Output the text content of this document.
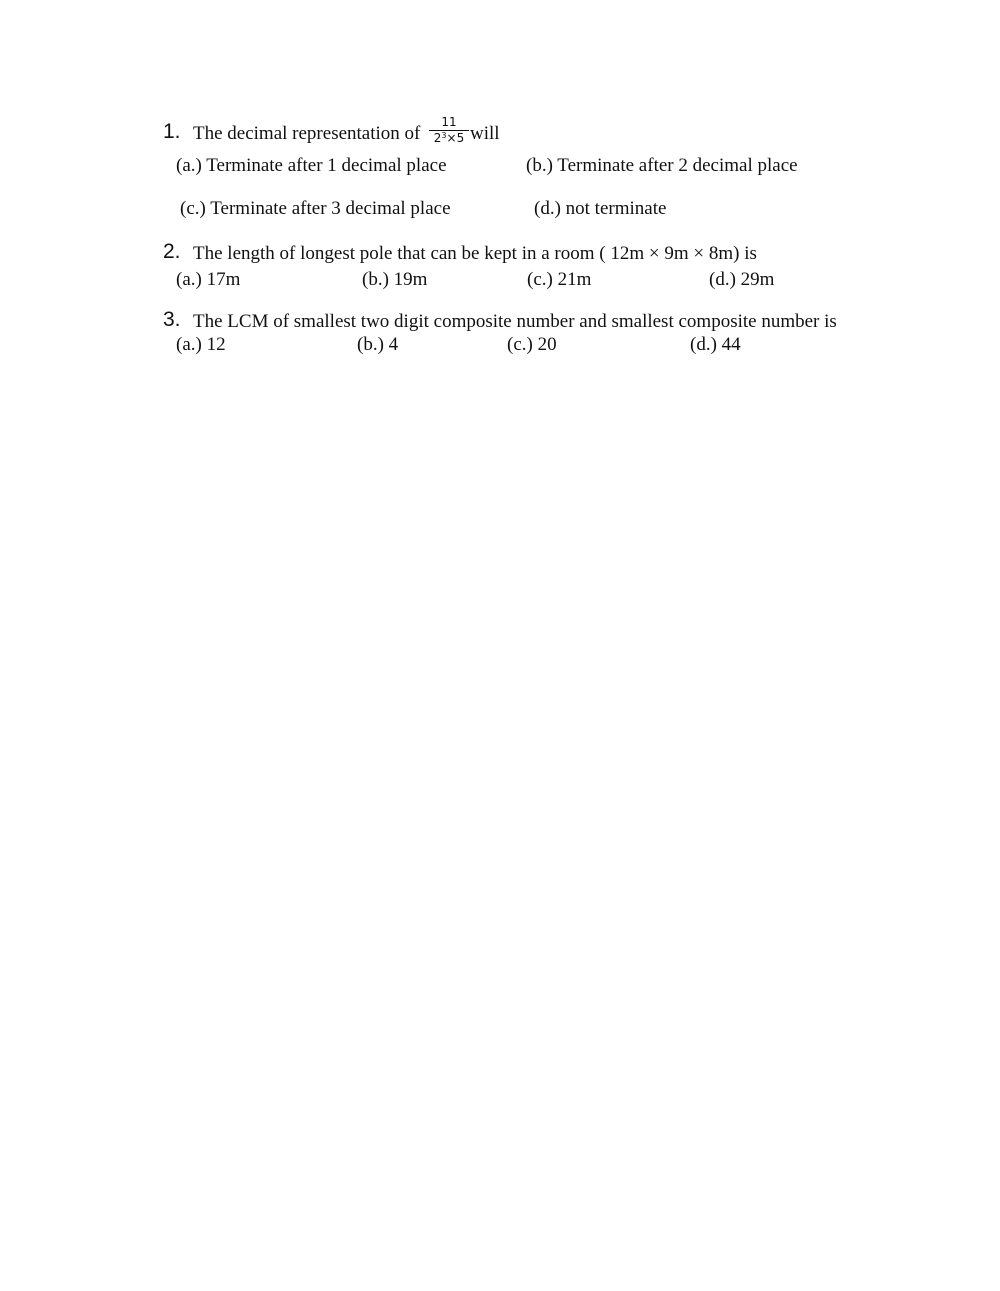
1. The decimal representation of
11
$2^3\times 5$ will
(a.) Terminate after 1 decimal place	(b.) Terminate after 2 decimal place
(c.) Terminate after 3 decimal place	(d.) not terminate
2. The length of longest pole that can be kept in a room ( 12m × 9m × 8m) is
(a.) 17m	(b.) 19m	(c.) 21m	(d.) 29m
3. The LCM of smallest two digit composite number and smallest composite number is
(a.) 12	(b.) 4	(c.) 20	(d.) 44
